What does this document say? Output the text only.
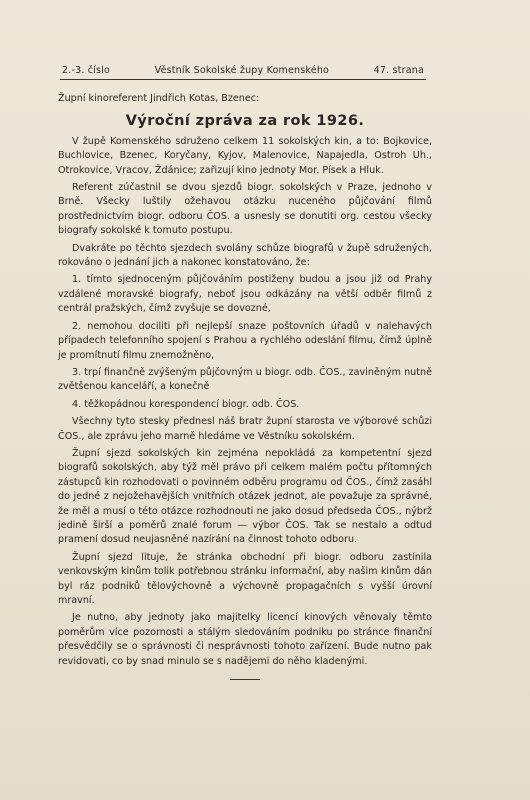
2.-3. číslo	Věstník Sokolské župy Komenského	47. strana
Župní kinoreferent Jindřich Kotas, Bzenec:
Výroční zpráva za rok 1926.

V župě Komenského sdruženo celkem 11 sokolských kin, a to: Bojkovice, Buchlovice, Bzenec, Koryčany, Kyjov, Malenovice, Napajedla, Ostroh Uh., Otrokovice, Vracov, Ždánice; zařizují kino jednoty Mor. Písek a Hluk.

Referent zúčastnil se dvou sjezdů biogr. sokolských v Praze, jednoho v Brně. Všecky luštily ožehavou otázku nuceného půjčování filmů prostřednictvím biogr. odboru ČOS. a usnesly se donutiti org. cestou všecky biografy sokolské k tomuto postupu.

Dvakráte po těchto sjezdech svolány schůze biografů v župě sdružených, rokováno o jednání jich a nakonec konstatováno, že:

1. tímto sjednoceným půjčováním postiženy budou a jsou již od Prahy vzdálené moravské biografy, neboť jsou odkázány na větší odběr filmů z centrál pražských, čímž zvyšuje se dovozné,

2. nemohou dociliti při nejlepší snaze poštovních úřadů v nalehavých případech telefonního spojení s Prahou a rychlého odeslání filmu, čímž úplně je promítnutí filmu znemožněno,

3. trpí finančně zvýšeným půjčovným u biogr. odb. ČOS., zaviněným nutně zvětšenou kanceláří, a konečně

4. těžkopádnou korespondencí biogr. odb. ČOS.

Všechny tyto stesky přednesl náš bratr župní starosta ve výborové schůzi ČOS., ale zprávu jeho marně hledáme ve Věstníku sokolském.

Župní sjezd sokolských kin zejména nepokládá za kompetentní sjezd biografů sokolských, aby týž měl právo při celkem malém počtu přítomných zástupců kin rozhodovati o povinném odběru programu od ČOS., čímž zasáhl do jedné z nejožehavějších vnitřních otázek jednot, ale považuje za správné, že měl a musí o této otázce rozhodnouti ne jako dosud předseda ČOS., nýbrž jedině širší a poměrů znalé forum — výbor ČOS. Tak se nestalo a odtud pramení dosud neujasněné nazírání na činnost tohoto odboru.

Župní sjezd lituje, že stránka obchodní při biogr. odboru zastínila venkovským kinům tolik potřebnou stránku informační, aby našim kinům dán byl ráz podniků tělovýchovně a výchovně propagačních s vyšší úrovní mravní.

Je nutno, aby jednoty jako majitelky licencí kinových věnovaly těmto poměrům více pozornosti a stálým sledováním podniku po stránce finanční přesvědčily se o správnosti či nesprávnosti tohoto zařízení. Bude nutno pak revidovati, co by snad minulo se s nadějemi do něho kladenými.
